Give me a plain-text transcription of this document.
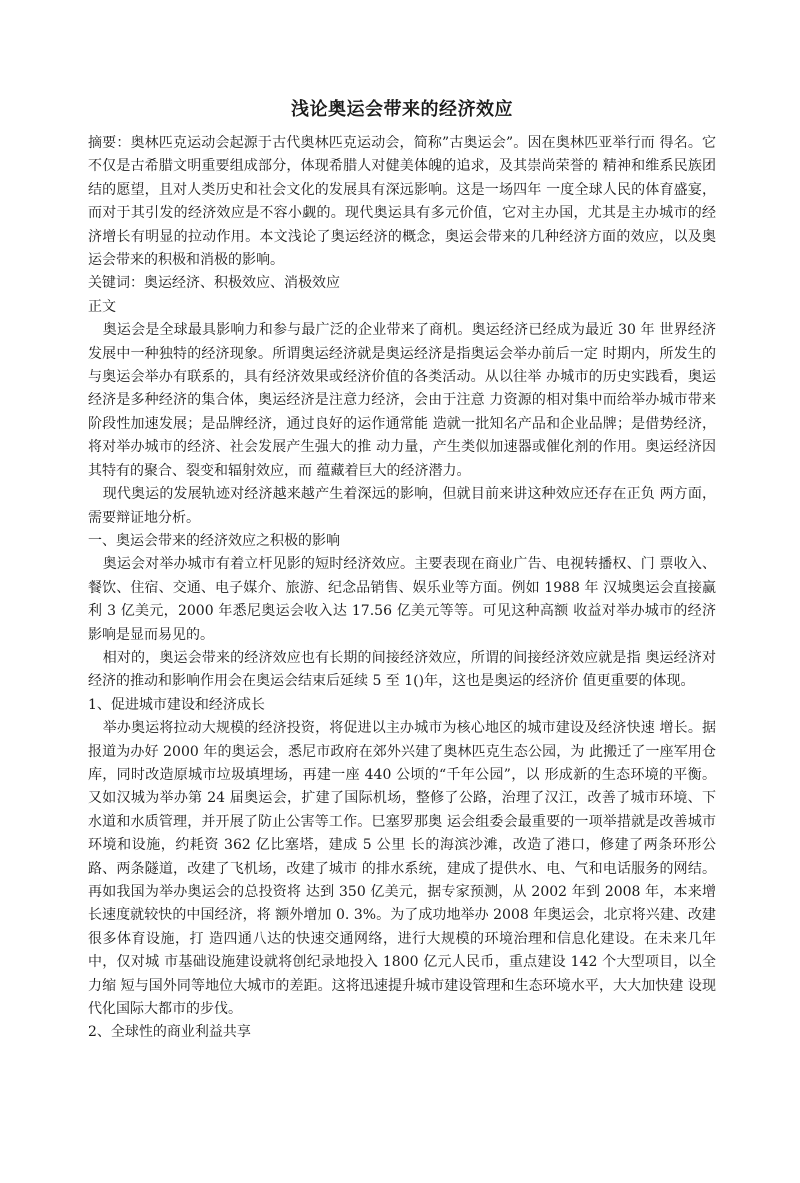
浅论奥运会带来的经济效应

摘要：奥林匹克运动会起源于古代奥林匹克运动会，简称”古奥运会”。因在奥林匹亚举行而 得名。它不仅是古希腊文明重要组成部分，体现希腊人对健美体魄的追求，及其崇尚荣誉的 精神和维系民族团结的愿望，且对人类历史和社会文化的发展具有深远影响。这是一场四年 一度全球人民的体育盛宴，而对于其引发的经济效应是不容小觑的。现代奥运具有多元价值，它对主办国，尤其是主办城市的经济增长有明显的拉动作用。本文浅论了奥运经济的概念，奥运会带来的几种经济方面的效应，以及奥运会带来的积极和消极的影响。

关键词：奥运经济、积极效应、消极效应

正文

奥运会是全球最具影响力和参与最广泛的企业带来了商机。奥运经济已经成为最近 30 年 世界经济发展中一种独特的经济现象。所谓奥运经济就是奥运经济是指奥运会举办前后一定 时期内，所发生的与奥运会举办有联系的，具有经济效果或经济价值的各类活动。从以往举 办城市的历史实践看，奥运经济是多种经济的集合体，奥运经济是注意力经济，会由于注意 力资源的相对集中而给举办城市带来阶段性加速发展；是品牌经济，通过良好的运作通常能 造就一批知名产品和企业品牌；是借势经济，将对举办城市的经济、社会发展产生强大的推 动力量，产生类似加速器或催化剂的作用。奥运经济因其特有的聚合、裂变和辐射效应，而 蕴藏着巨大的经济潜力。

现代奥运的发展轨迹对经济越来越产生着深远的影响，但就目前来讲这种效应还存在正负 两方面，需要辩证地分析。

一、奥运会带来的经济效应之积极的影响

奥运会对举办城市有着立杆见影的短时经济效应。主要表现在商业广告、电视转播权、门 票收入、餐饮、住宿、交通、电子媒介、旅游、纪念品销售、娱乐业等方面。例如 1988 年 汉城奥运会直接赢利 3 亿美元，2000 年悉尼奥运会收入达 17.56 亿美元等等。可见这种高额 收益对举办城市的经济影响是显而易见的。

相对的，奥运会带来的经济效应也有长期的间接经济效应，所谓的间接经济效应就是指 奥运经济对经济的推动和影响作用会在奥运会结束后延续 5 至 1()年，这也是奥运的经济价 值更重要的体现。

1、促进城市建设和经济成长

举办奥运将拉动大规模的经济投资，将促进以主办城市为核心地区的城市建设及经济快速 增长。据报道为办好 2000 年的奥运会，悉尼市政府在郊外兴建了奥林匹克生态公园，为 此搬迁了一座军用仓库，同时改造原城市垃圾填埋场，再建一座 440 公顷的“千年公园”，以 形成新的生态环境的平衡。又如汉城为举办第 24 届奥运会，扩建了国际机场，整修了公路，治理了汉江，改善了城市环境、下水道和水质管理，并开展了防止公害等工作。巳塞罗那奥 运会组委会最重要的一项举措就是改善城市环境和设施，约耗资 362 亿比塞塔，建成 5 公里 长的海滨沙滩，改造了港口，修建了两条环形公路、两条隧道，改建了飞机场，改建了城市 的排水系统，建成了提供水、电、气和电话服务的网结。再如我国为举办奥运会的总投资将 达到 350 亿美元，据专家预测，从 2002 年到 2008 年，本来增长速度就较快的中国经济，将 额外增加 0. 3%。为了成功地举办 2008 年奥运会，北京将兴建、改建很多体育设施，打 造四通八达的快速交通网络，进行大规模的环境治理和信息化建设。在未来几年中，仅对城 市基础设施建设就将创纪录地投入 1800 亿元人民币，重点建设 142 个大型项目，以全力缩 短与国外同等地位大城市的差距。这将迅速提升城市建设管理和生态环境水平，大大加快建 设现代化国际大都市的步伐。

2、全球性的商业利益共享
